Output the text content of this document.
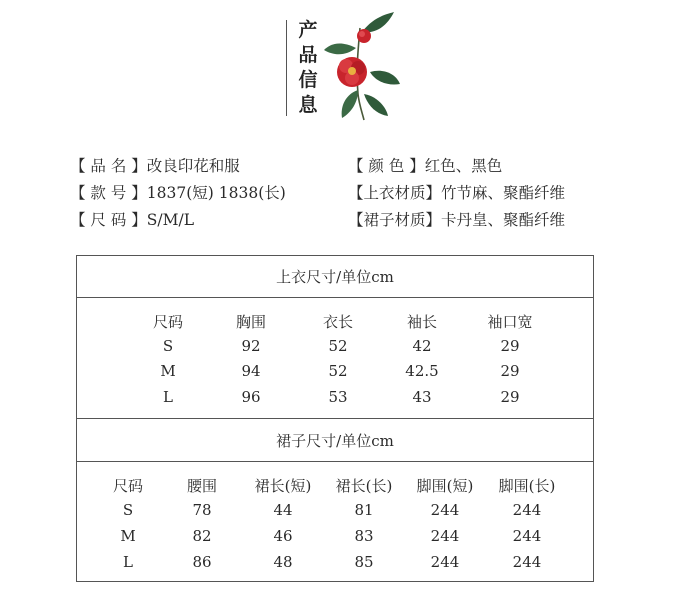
产
品
信
息
【 品 名 】改良印花和服
【 款 号 】1837(短) 1838(长)
【 尺 码 】S/M/L
【 颜 色 】红色、黑色
【上衣材质】竹节麻、聚酯纤维
【裙子材质】卡丹皇、聚酯纤维
上衣尺寸/单位cm
尺码	胸围	衣长	袖长	袖口宽
S	92	52	42	29
M	94	52	42.5	29
L	96	53	43	29
裙子尺寸/单位cm
尺码	腰围	裙长(短)	裙长(长)	脚围(短)	脚围(长)
S	78	44	81	244	244
M	82	46	83	244	244
L	86	48	85	244	244
